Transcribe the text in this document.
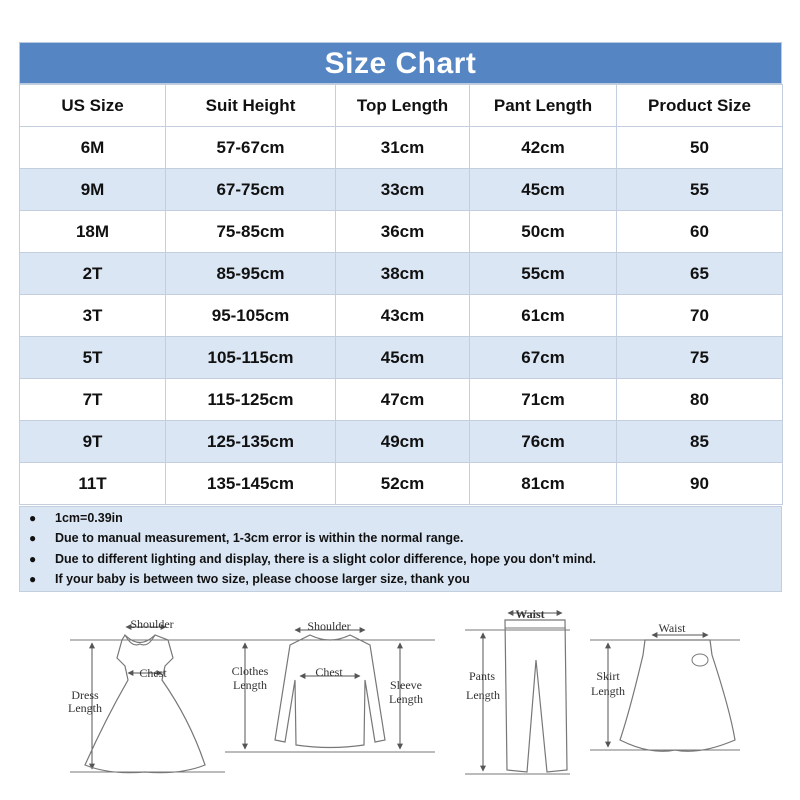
Size Chart
US Size	Suit Height	Top Length	Pant Length	Product Size
6M	57-67cm	31cm	42cm	50
9M	67-75cm	33cm	45cm	55
18M	75-85cm	36cm	50cm	60
2T	85-95cm	38cm	55cm	65
3T	95-105cm	43cm	61cm	70
5T	105-115cm	45cm	67cm	75
7T	115-125cm	47cm	71cm	80
9T	125-135cm	49cm	76cm	85
11T	135-145cm	52cm	81cm	90
● 1cm=0.39in
● Due to manual measurement, 1-3cm error is within the normal range.
● Due to different lighting and display, there is a slight color difference, hope you don't mind.
● If your baby is between two size, please choose larger size, thank you
Shoulder
Chest
Dress
Length
Shoulder
Chest
Clothes
Length	Sleeve
Length
Waist
Pants
Length
Waist
Skirt
Length
